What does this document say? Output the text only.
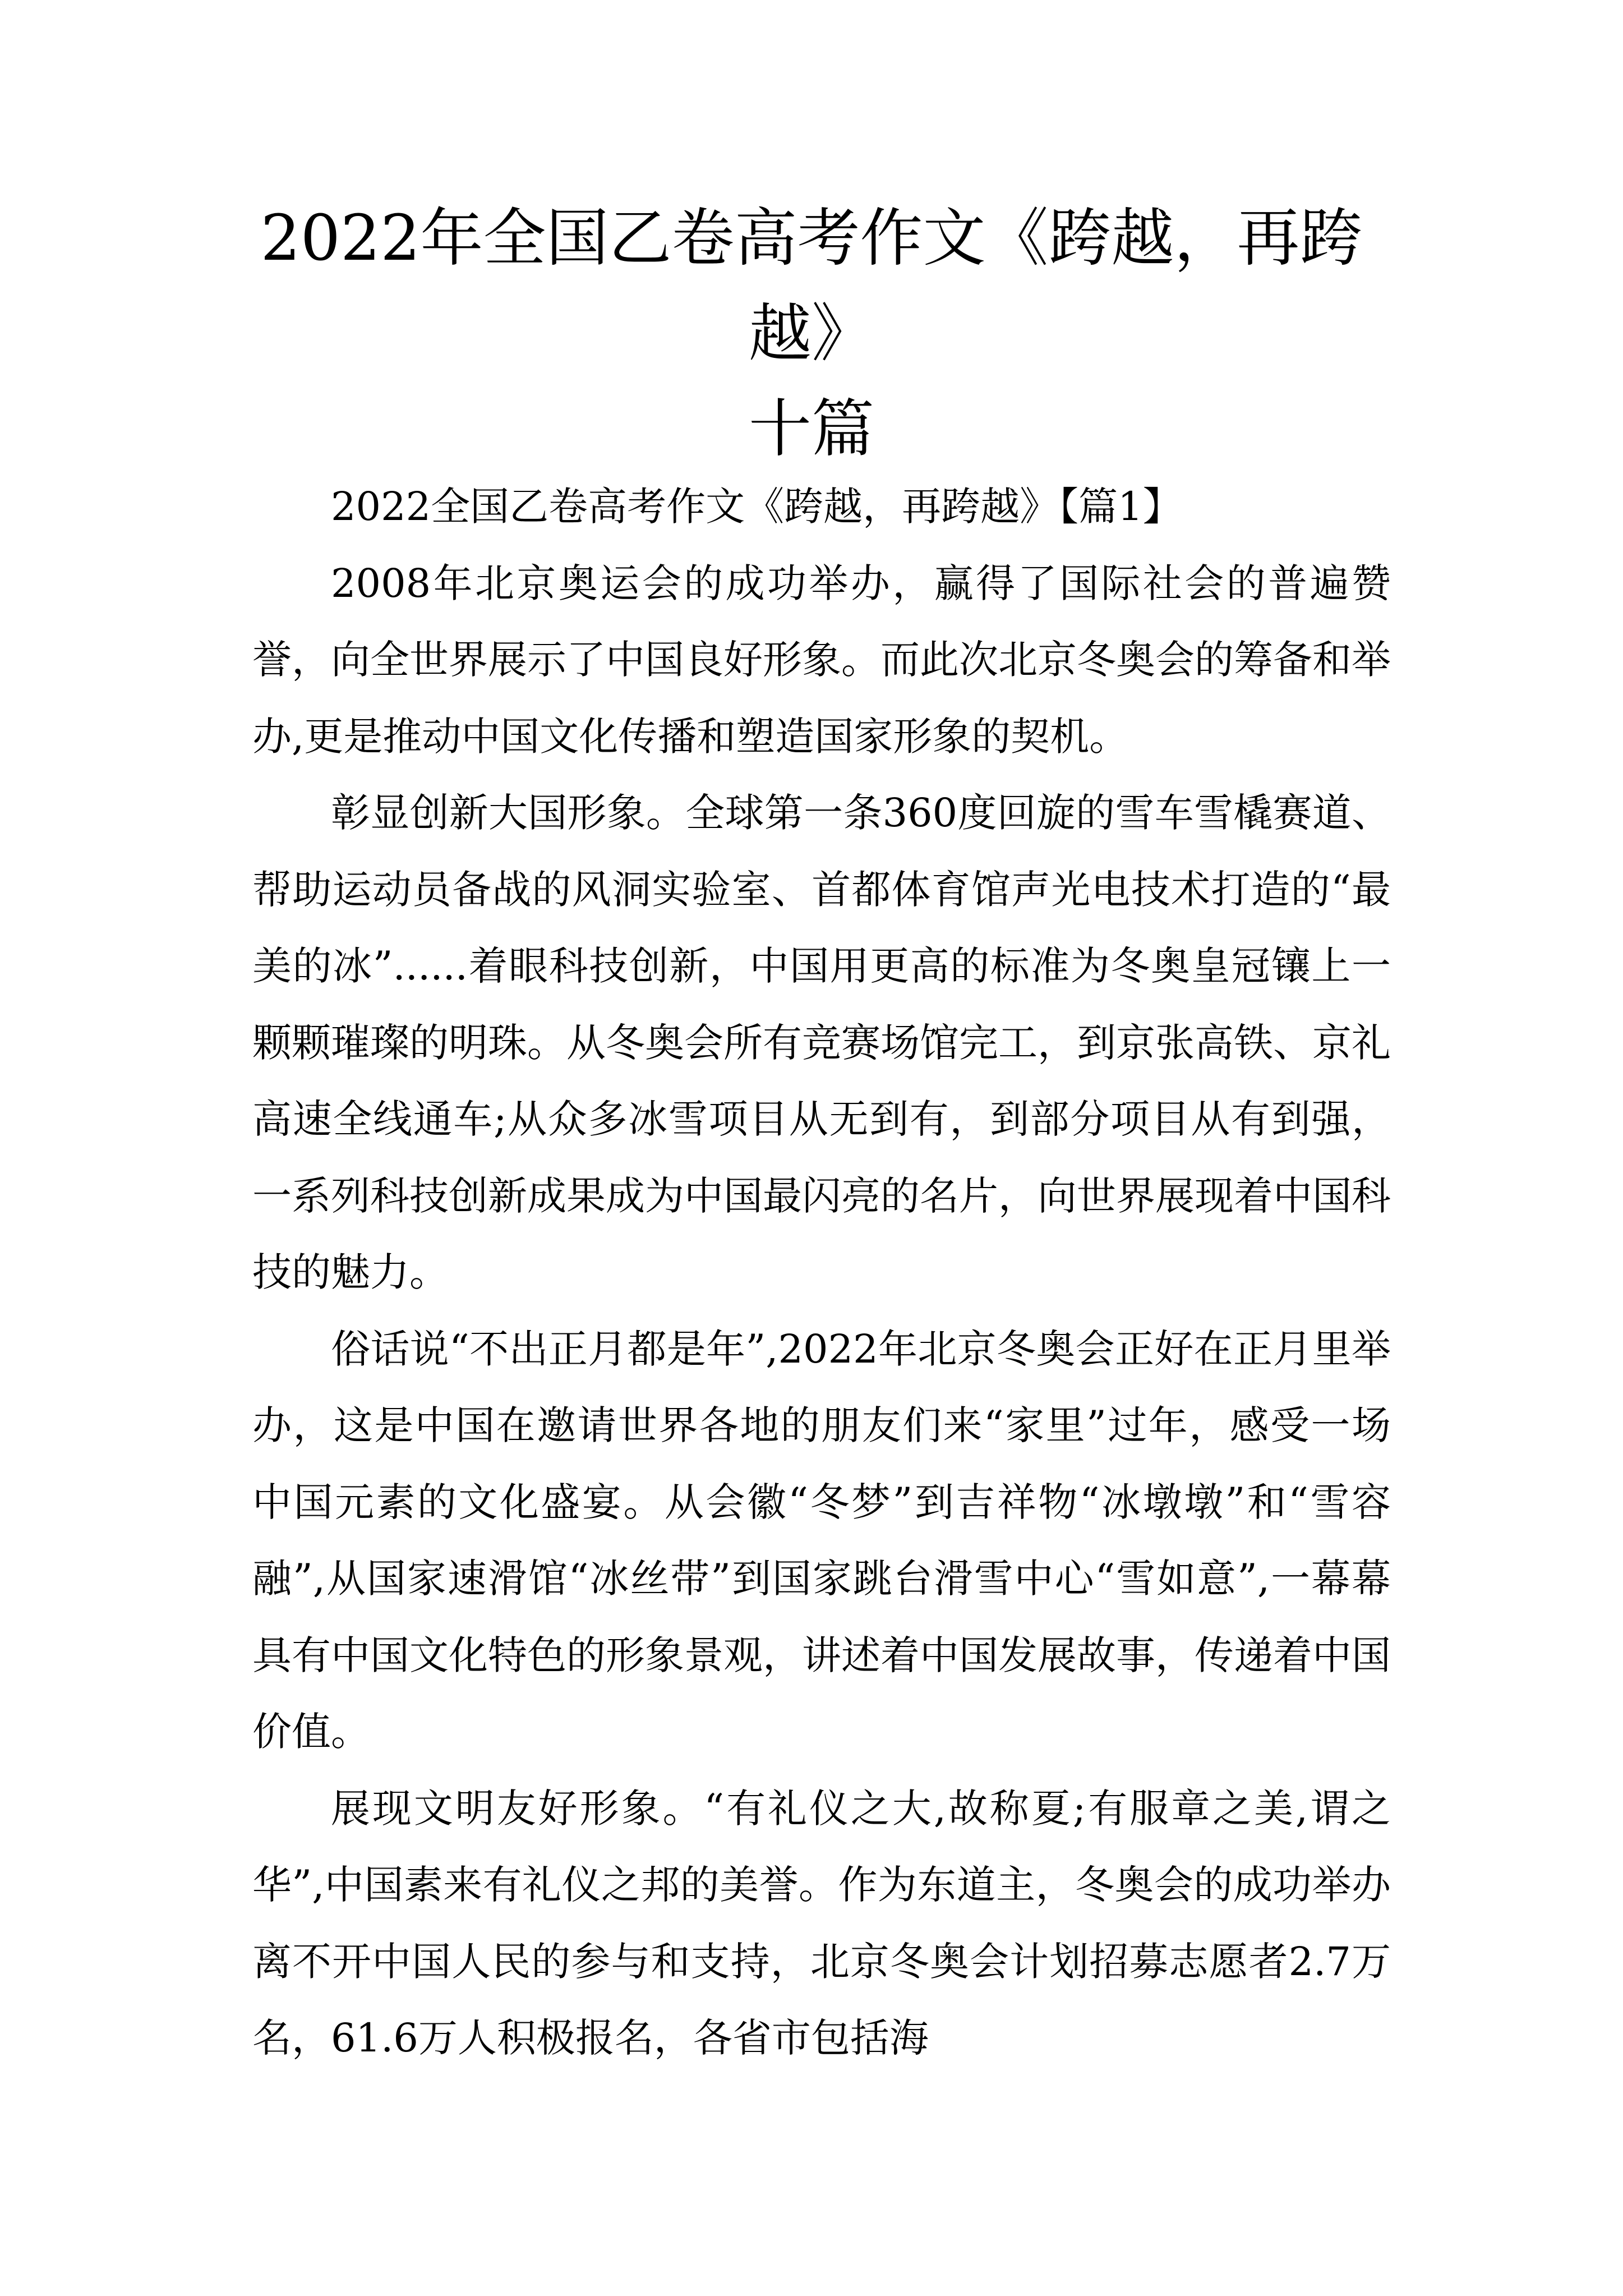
2022年全国乙卷高考作文《跨越，再跨越》
十篇

2022全国乙卷高考作文《跨越，再跨越》【篇1】

2008年北京奥运会的成功举办，赢得了国际社会的普遍赞誉，向全世界展示了中国良好形象。而此次北京冬奥会的筹备和举办,更是推动中国文化传播和塑造国家形象的契机。

彰显创新大国形象。全球第一条360度回旋的雪车雪橇赛道、帮助运动员备战的风洞实验室、首都体育馆声光电技术打造的“最美的冰”......着眼科技创新，中国用更高的标准为冬奥皇冠镶上一颗颗璀璨的明珠。从冬奥会所有竞赛场馆完工，到京张高铁、京礼高速全线通车;从众多冰雪项目从无到有，到部分项目从有到强，一系列科技创新成果成为中国最闪亮的名片，向世界展现着中国科技的魅力。

俗话说“不出正月都是年”,2022年北京冬奥会正好在正月里举办，这是中国在邀请世界各地的朋友们来“家里”过年，感受一场中国元素的文化盛宴。从会徽“冬梦”到吉祥物“冰墩墩”和“雪容融”,从国家速滑馆“冰丝带”到国家跳台滑雪中心“雪如意”,一幕幕具有中国文化特色的形象景观，讲述着中国发展故事，传递着中国价值。

展现文明友好形象。“有礼仪之大,故称夏;有服章之美,谓之华”,中国素来有礼仪之邦的美誉。作为东道主，冬奥会的成功举办离不开中国人民的参与和支持，北京冬奥会计划招募志愿者2.7万名，61.6万人积极报名，各省市包括海
